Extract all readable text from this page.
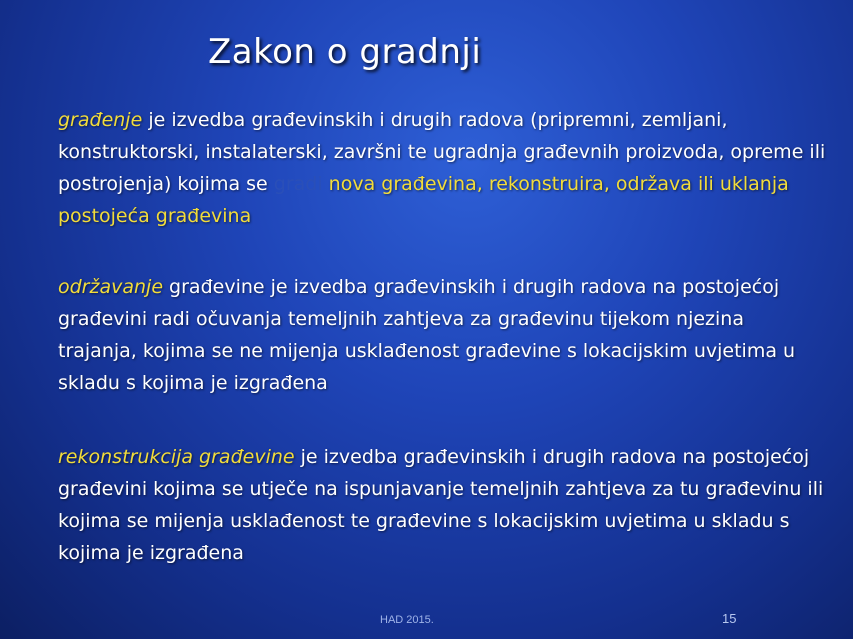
Zakon o gradnji
građenje je izvedba građevinskih i drugih radova (pripremni, zemljani, konstruktorski, instalaterski, završni te ugradnja građevnih proizvoda, opreme ili postrojenja) kojima se gradi nova građevina, rekonstruira, održava ili uklanja postojeća građevina
održavanje građevine je izvedba građevinskih i drugih radova na postojećoj građevini radi očuvanja temeljnih zahtjeva za građevinu tijekom njezina trajanja, kojima se ne mijenja usklađenost građevine s lokacijskim uvjetima u skladu s kojima je izgrađena
rekonstrukcija građevine je izvedba građevinskih i drugih radova na postojećoj građevini kojima se utječe na ispunjavanje temeljnih zahtjeva za tu građevinu ili kojima se mijenja usklađenost te građevine s lokacijskim uvjetima u skladu s kojima je izgrađena
HAD 2015.	15
